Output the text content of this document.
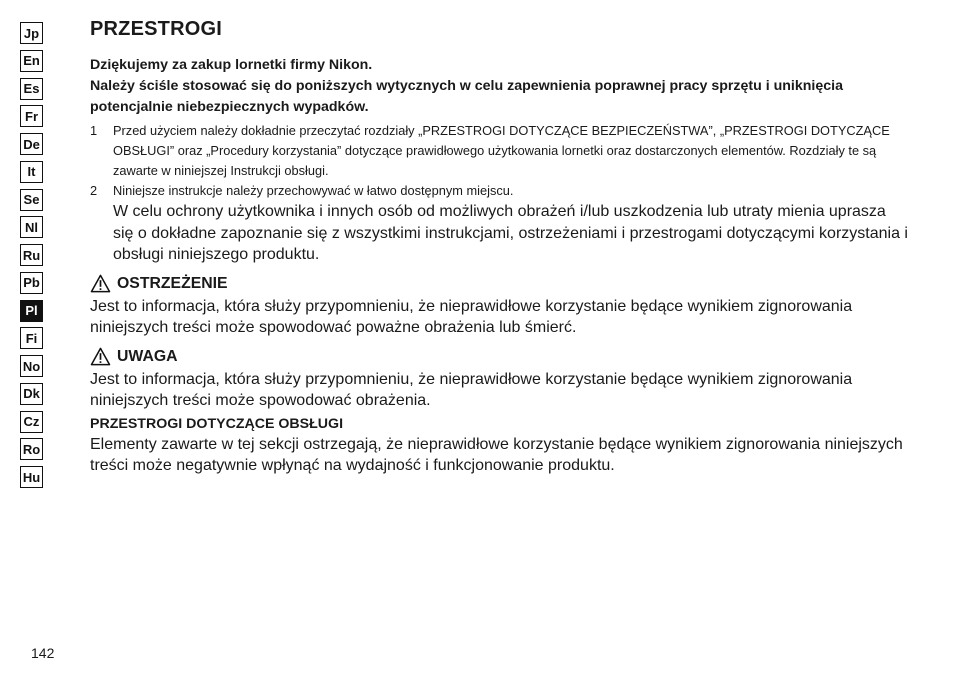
Jp
En
Es
Fr
De
It
Se
Nl
Ru
Pb
Pl
Fi
No
Dk
Cz
Ro
Hu
PRZESTROGI

Dziękujemy za zakup lornetki firmy Nikon.

Należy ściśle stosować się do poniższych wytycznych w celu zapewnienia poprawnej pracy sprzętu i uniknięcia potencjalnie niebezpiecznych wypadków.

1	Przed użyciem należy dokładnie przeczytać rozdziały „PRZESTROGI DOTYCZĄCE BEZPIECZEŃSTWA”, „PRZESTROGI DOTYCZĄCE OBSŁUGI” oraz „Procedury korzystania” dotyczące prawidłowego użytkowania lornetki oraz dostarczonych elementów. Rozdziały te są zawarte w niniejszej Instrukcji obsługi.
2	Niniejsze instrukcje należy przechowywać w łatwo dostępnym miejscu.

W celu ochrony użytkownika i innych osób od możliwych obrażeń i/lub uszkodzenia lub utraty mienia uprasza się o dokładne zapoznanie się z wszystkimi instrukcjami, ostrzeżeniami i przestrogami dotyczącymi korzystania i obsługi niniejszego produktu.

OSTRZEŻENIE

Jest to informacja, która służy przypomnieniu, że nieprawidłowe korzystanie będące wynikiem zignorowania niniejszych treści może spowodować poważne obrażenia lub śmierć.

UWAGA

Jest to informacja, która służy przypomnieniu, że nieprawidłowe korzystanie będące wynikiem zignorowania niniejszych treści może spowodować obrażenia.

PRZESTROGI DOTYCZĄCE OBSŁUGI

Elementy zawarte w tej sekcji ostrzegają, że nieprawidłowe korzystanie będące wynikiem zignorowania niniejszych treści może negatywnie wpłynąć na wydajność i funkcjonowanie produktu.

142
